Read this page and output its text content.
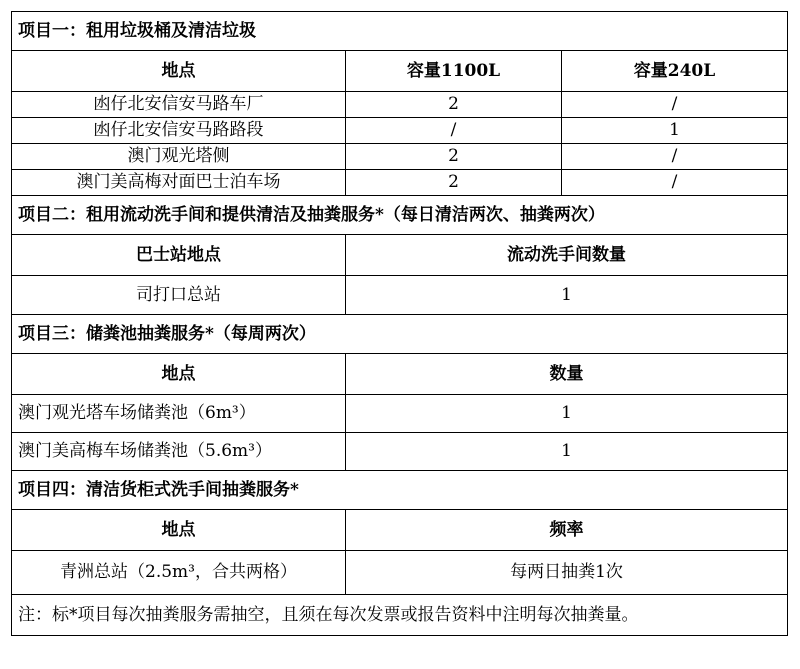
项目一：租用垃圾桶及清洁垃圾		
地点	容量1100L	容量240L
凼仔北安信安马路车厂	2	/
凼仔北安信安马路路段	/	1
澳门观光塔侧	2	/
澳门美高梅对面巴士泊车场	2	/
项目二：租用流动洗手间和提供清洁及抽粪服务*（每日清洁两次、抽粪两次）		
巴士站地点	流动洗手间数量	
司打口总站	1	
项目三：储粪池抽粪服务*（每周两次）		
地点	数量	
澳门观光塔车场储粪池（6m³）	1	
澳门美高梅车场储粪池（5.6m³）	1	
项目四：清洁货柜式洗手间抽粪服务*		
地点	频率	
青洲总站（2.5m³，合共两格）	每两日抽粪1次	
注：标*项目每次抽粪服务需抽空，且须在每次发票或报告资料中注明每次抽粪量。		
